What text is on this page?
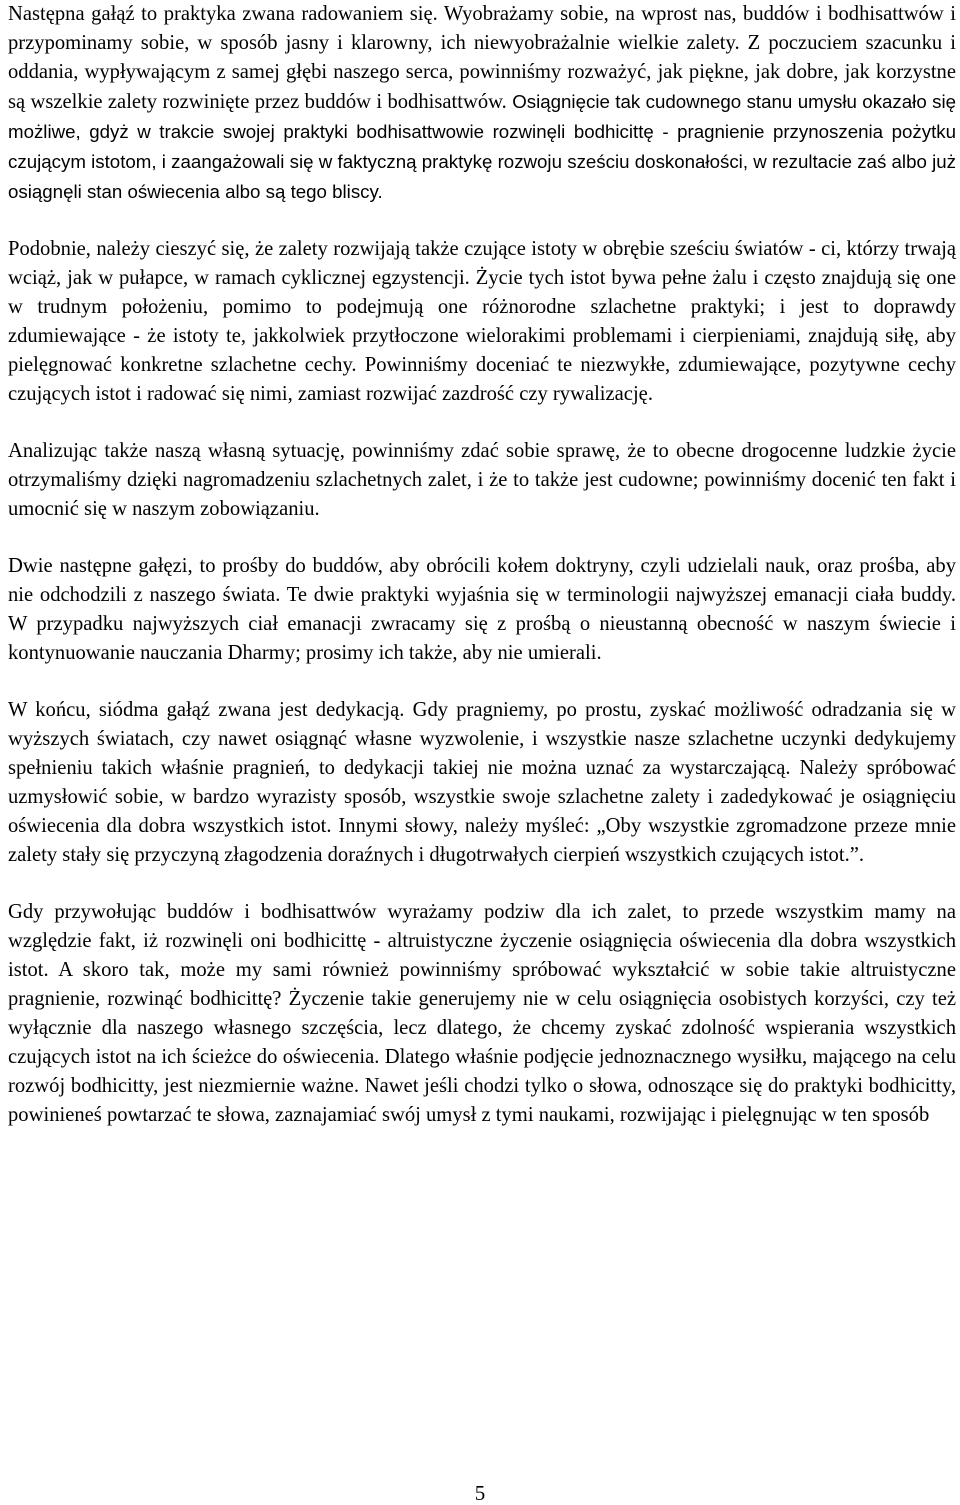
Następna gałąź to praktyka zwana radowaniem się. Wyobrażamy sobie, na wprost nas, buddów i bodhisattwów i przypominamy sobie, w sposób jasny i klarowny, ich niewyobrażalnie wielkie zalety. Z poczuciem szacunku i oddania, wypływającym z samej głębi naszego serca, powinniśmy rozważyć, jak piękne, jak dobre, jak korzystne są wszelkie zalety rozwinięte przez buddów i bodhisattwów. Osiągnięcie tak cudownego stanu umysłu okazało się możliwe, gdyż w trakcie swojej praktyki bodhisattwowie rozwinęli bodhicittę - pragnienie przynoszenia pożytku czującym istotom, i zaangażowali się w faktyczną praktykę rozwoju sześciu doskonałości, w rezultacie zaś albo już osiągnęli stan oświecenia albo są tego bliscy.

Podobnie, należy cieszyć się, że zalety rozwijają także czujące istoty w obrębie sześciu światów - ci, którzy trwają wciąż, jak w pułapce, w ramach cyklicznej egzystencji. Życie tych istot bywa pełne żalu i często znajdują się one w trudnym położeniu, pomimo to podejmują one różnorodne szlachetne praktyki; i jest to doprawdy zdumiewające - że istoty te, jakkolwiek przytłoczone wielorakimi problemami i cierpieniami, znajdują siłę, aby pielęgnować konkretne szlachetne cechy. Powinniśmy doceniać te niezwykłe, zdumiewające, pozytywne cechy czujących istot i radować się nimi, zamiast rozwijać zazdrość czy rywalizację.

Analizując także naszą własną sytuację, powinniśmy zdać sobie sprawę, że to obecne drogocenne ludzkie życie otrzymaliśmy dzięki nagromadzeniu szlachetnych zalet, i że to także jest cudowne; powinniśmy docenić ten fakt i umocnić się w naszym zobowiązaniu.

Dwie następne gałęzi, to prośby do buddów, aby obrócili kołem doktryny, czyli udzielali nauk, oraz prośba, aby nie odchodzili z naszego świata. Te dwie praktyki wyjaśnia się w terminologii najwyższej emanacji ciała buddy. W przypadku najwyższych ciał emanacji zwracamy się z prośbą o nieustanną obecność w naszym świecie i kontynuowanie nauczania Dharmy; prosimy ich także, aby nie umierali.

W końcu, siódma gałąź zwana jest dedykacją. Gdy pragniemy, po prostu, zyskać możliwość odradzania się w wyższych światach, czy nawet osiągnąć własne wyzwolenie, i wszystkie nasze szlachetne uczynki dedykujemy spełnieniu takich właśnie pragnień, to dedykacji takiej nie można uznać za wystarczającą. Należy spróbować uzmysłowić sobie, w bardzo wyrazisty sposób, wszystkie swoje szlachetne zalety i zadedykować je osiągnięciu oświecenia dla dobra wszystkich istot. Innymi słowy, należy myśleć: „Oby wszystkie zgromadzone przeze mnie zalety stały się przyczyną złagodzenia doraźnych i długotrwałych cierpień wszystkich czujących istot.”.

Gdy przywołując buddów i bodhisattwów wyrażamy podziw dla ich zalet, to przede wszystkim mamy na względzie fakt, iż rozwinęli oni bodhicittę - altruistyczne życzenie osiągnięcia oświecenia dla dobra wszystkich istot. A skoro tak, może my sami również powinniśmy spróbować wykształcić w sobie takie altruistyczne pragnienie, rozwinąć bodhicittę? Życzenie takie generujemy nie w celu osiągnięcia osobistych korzyści, czy też wyłącznie dla naszego własnego szczęścia, lecz dlatego, że chcemy zyskać zdolność wspierania wszystkich czujących istot na ich ścieżce do oświecenia. Dlatego właśnie podjęcie jednoznacznego wysiłku, mającego na celu rozwój bodhicitty, jest niezmiernie ważne. Nawet jeśli chodzi tylko o słowa, odnoszące się do praktyki bodhicitty, powinieneś powtarzać te słowa, zaznajamiać swój umysł z tymi naukami, rozwijając i pielęgnując w ten sposób

5
